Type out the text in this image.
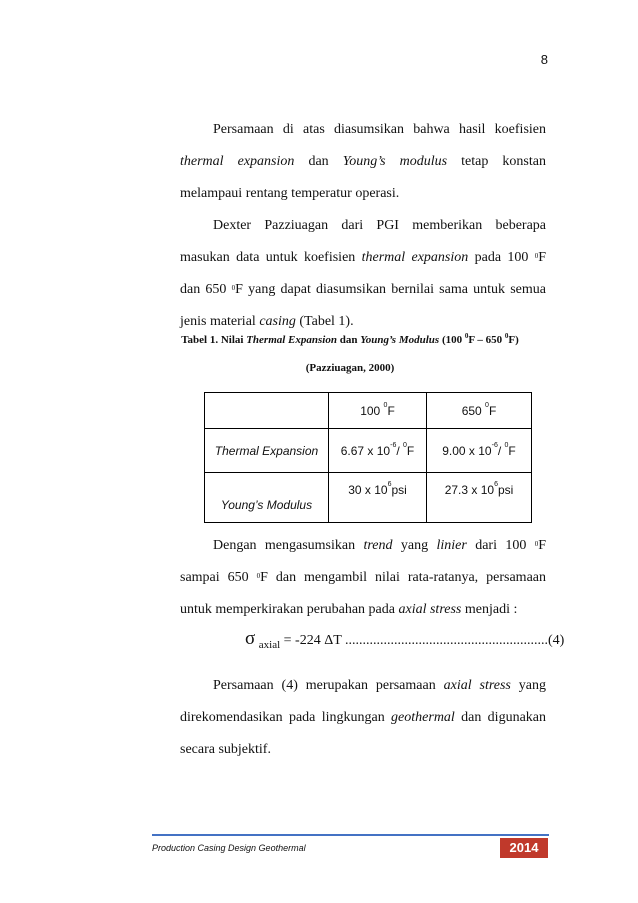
8
Persamaan di atas diasumsikan bahwa hasil koefisien thermal expansion dan Young’s modulus tetap konstan melampaui rentang temperatur operasi.
Dexter Pazziuagan dari PGI memberikan beberapa masukan data untuk koefisien thermal expansion pada 100 $^0$F dan 650 $^0$F yang dapat diasumsikan bernilai sama untuk semua jenis material casing (Tabel 1).
Tabel 1. Nilai Thermal Expansion dan Young’s Modulus (100 $^0$F – 650 $^0$F)
(Pazziuagan, 2000)
	100 $^0$F	650 $^0$F
Thermal Expansion	6.67 x $10^{-6}/$ $^0$F	9.00 x $10^{-6}/$ $^0$F
Young’s Modulus	30 x $10^6psi$	27.3 x $10^6psi$
Dengan mengasumsikan trend yang linier dari 100 $^0$F sampai 650 $^0$F dan mengambil nilai rata-ratanya, persamaan untuk memperkirakan perubahan pada axial stress menjadi :
σ $_{axial}$ = -224 ΔT ..........................................................(4)
Persamaan (4) merupakan persamaan axial stress yang direkomendasikan pada lingkungan geothermal dan digunakan secara subjektif.
Production Casing Design Geothermal	2014
